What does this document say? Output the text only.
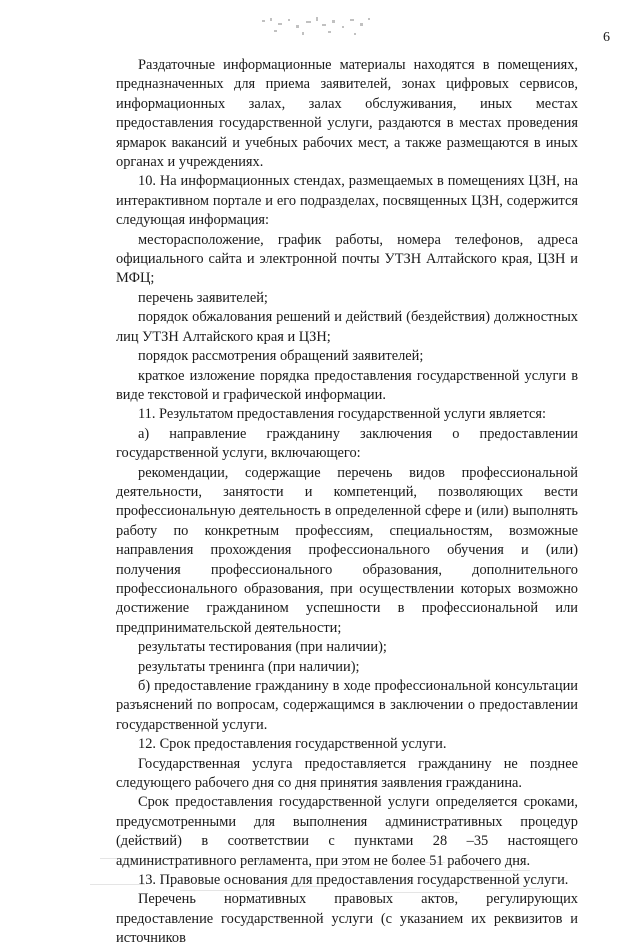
6

Раздаточные информационные материалы находятся в помещениях, предназначенных для приема заявителей, зонах цифровых сервисов, информационных залах, залах обслуживания, иных местах предоставления государственной услуги, раздаются в местах проведения ярмарок вакансий и учебных рабочих мест, а также размещаются в иных органах и учреждениях.

10. На информационных стендах, размещаемых в помещениях ЦЗН, на интерактивном портале и его подразделах, посвященных ЦЗН, содержится следующая информация:

месторасположение, график работы, номера телефонов, адреса официального сайта и электронной почты УТЗН Алтайского края, ЦЗН и МФЦ;

перечень заявителей;

порядок обжалования решений и действий (бездействия) должностных лиц УТЗН Алтайского края и ЦЗН;

порядок рассмотрения обращений заявителей;

краткое изложение порядка предоставления государственной услуги в виде текстовой и графической информации.

11. Результатом предоставления государственной услуги является:

а) направление гражданину заключения о предоставлении государственной услуги, включающего:

рекомендации, содержащие перечень видов профессиональной деятельности, занятости и компетенций, позволяющих вести профессиональную деятельность в определенной сфере и (или) выполнять работу по конкретным профессиям, специальностям, возможные направления прохождения профессионального обучения и (или) получения профессионального образования, дополнительного профессионального образования, при осуществлении которых возможно достижение гражданином успешности в профессиональной или предпринимательской деятельности;

результаты тестирования (при наличии);

результаты тренинга (при наличии);

б) предоставление гражданину в ходе профессиональной консультации разъяснений по вопросам, содержащимся в заключении о предоставлении государственной услуги.

12. Срок предоставления государственной услуги.

Государственная услуга предоставляется гражданину не позднее следующего рабочего дня со дня принятия заявления гражданина.

Срок предоставления государственной услуги определяется сроками, предусмотренными для выполнения административных процедур (действий) в соответствии с пунктами 28 –35 настоящего административного регламента, при этом не более 51 рабочего дня.

13. Правовые основания для предоставления государственной услуги.

Перечень нормативных правовых актов, регулирующих предоставление государственной услуги (с указанием их реквизитов и источников
